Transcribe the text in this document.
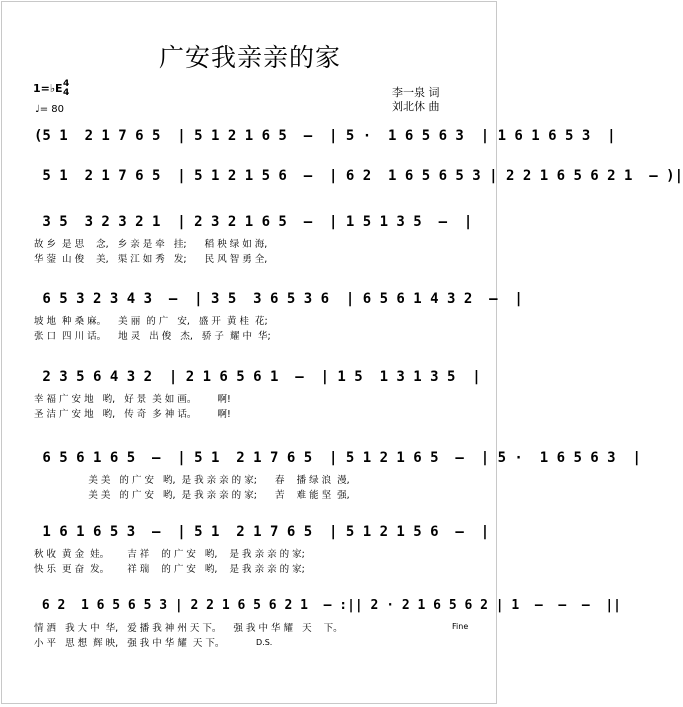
广安我亲亲的家
李一泉 词
刘北休 曲
1=♭E 4
4
♩= 80
(5 1  2 1 7 6 5  | 5 1 2 1 6 5  –  | 5 ·  1 6 5 6 3  | 1 6 1 6 5 3  |
5 1  2 1 7 6 5  | 5 1 2 1 5 6  –  | 6 2  1 6 5 6 5 3 | 2 2 1 6 5 6 2 1  – )|
3 5  3 2 3 2 1  | 2 3 2 1 6 5  –  | 1 5 1 3 5  –  |
故 乡  是 思    念,   乡 亲 是 牵   挂;      稻 秧 绿 如 海,
华 蓥  山 俊    美,   渠 江 如 秀   发;      民 风 智 勇 全,
6 5 3 2 3 4 3  –  | 3 5  3 6 5 3 6  | 6 5 6 1 4 3 2  –  |
坡 地  种 桑 麻。    美 丽  的 广   安,   盛 开  黄 桂  花;
张 口  四 川 话。    地 灵   出 俊   杰,   骄 子  耀 中  华;
2 3 5 6 4 3 2  | 2 1 6 5 6 1  –  | 1 5  1 3 1 3 5  |
幸 福 广 安 地   哟,   好 景  美 如 画。       啊!
圣 洁 广 安 地   哟,   传 奇  多 神 话。       啊!
6 5 6 1 6 5  –  | 5 1  2 1 7 6 5  | 5 1 2 1 6 5  –  | 5 ·  1 6 5 6 3  |
美 美   的 广 安   哟,  是 我 亲 亲 的 家;      春    播 绿 浪  漫,
美 美   的 广 安   哟,  是 我 亲 亲 的 家;      苦    难 能 坚  强,
1 6 1 6 5 3  –  | 5 1  2 1 7 6 5  | 5 1 2 1 5 6  –  |
秋 收  黄 金  娃。      吉 祥    的 广 安   哟,    是 我 亲 亲 的 家;
快 乐  更 奋  发。      祥 瑞    的 广 安   哟,    是 我 亲 亲 的 家;
6 2  1 6 5 6 5 3 | 2 2 1 6 5 6 2 1  – :|| 2 · 2 1 6 5 6 2 | 1  –  –  –  ||
情 洒   我 大 中  华,   爱 播 我 神 州 天 下。    强 我 中 华 耀   天    下。
小 平   思 想  辉 映,   强 我 中 华 耀  天 下。
Fine
D.S.
